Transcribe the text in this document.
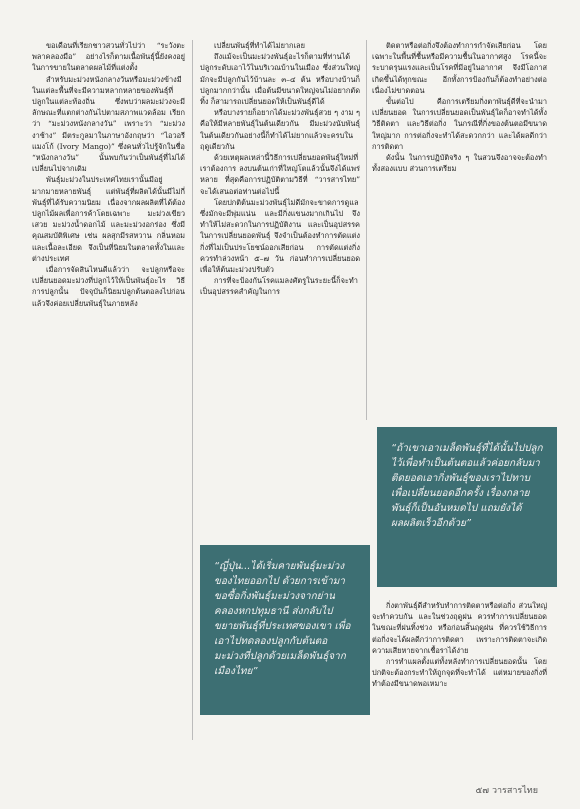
ขอเดือนที่เรียกชาวสวนทั่วไปว่า “ระวังตะพลาคลองมือ” อย่างไรก็ตามเนื้อพันธุ์นี้ยังคงอยู่ในการขายในตลาดผลไม้ที่แต่งตั้ง

สำหรับมะม่วงหนังกลางวันหรือมะม่วงข้างมี ในแต่ละพื้นที่จะมีความหลากหลายของพันธุ์ที่ปลูกในแต่ละท้องถิ่น ซึ่งพบว่าผลมะม่วงจะมีลักษณะที่แตกต่างกันไปตามสภาพแวดล้อม เรียกว่า “มะม่วงหนังกลางวัน” เพราะว่า “มะม่วงงาช้าง” มีตระกูลมาในภาษาอังกฤษว่า “ไอวอรี แมงโก้ (Ivory Mango)” ซึ่งคนทั่วไปรู้จักในชื่อ “หนังกลางวัน” นั้นพบกันว่าเป็นพันธุ์ที่ไม่ได้เปลี่ยนไปจากเดิม

พันธุ์มะม่วงในประเทศไทยเรานั้นมีอยู่มากมายหลายพันธุ์ แต่พันธุ์ที่ผลิตได้นั้นมีไม่กี่พันธุ์ที่ได้รับความนิยม เนื่องจากผลผลิตที่ได้ต้องปลูกไม้ผลเพื่อการค้าโดยเฉพาะ มะม่วงเขียวเสวย มะม่วงน้ำดอกไม้ และมะม่วงอกร่อง ซึ่งมีคุณสมบัติพิเศษ เช่น ผลสุกมีรสหวาน กลิ่นหอม และเนื้อละเอียด จึงเป็นที่นิยมในตลาดทั้งในและต่างประเทศ

เมื่อการจัดสินไหนดีแล้วว่า จะปลูกหรือจะเปลี่ยนยอดมะม่วงที่ปลูกไว้ให้เป็นพันธุ์อะไร วิธีการปลูกนั้น ปัจจุบันก็นิยมปลูกต้นตอลงไปก่อน แล้วจึงค่อยเปลี่ยนพันธุ์ในภายหลัง

เปลี่ยนพันธุ์ที่ทำได้ไม่ยากเลย

ถึงแม้จะเป็นมะม่วงพันธุ์อะไรก็ตามที่ท่านได้ปลูกระดับเอาไว้ในบริเวณบ้านในเมือง ซึ่งส่วนใหญ่มักจะมีปลูกกันไว้บ้านละ ๓–๔ ต้น หรือบางบ้านก็ปลูกมากกว่านั้น เมื่อต้นมีขนาดใหญ่จนไม่อยากตัดทิ้ง ก็สามารถเปลี่ยนยอดให้เป็นพันธุ์ดีได้

หรือบางรายก็อยากได้มะม่วงพันธุ์สวย ๆ งาม ๆ คือให้มีหลายพันธุ์ในต้นเดียวกัน มีมะม่วงนับพันธุ์ในต้นเดียวกันอย่างนี้ก็ทำได้ไม่ยากแล้วจะครบในฤดูเดียวกัน

ด้วยเหตุผลเหล่านี้วิธีการเปลี่ยนยอดพันธุ์ใหม่ที่เราต้องการ ลงบนต้นเก่าที่ใหญ่โตแล้วนั้นจึงได้แพร่หลาย ที่สุดคือการปฏิบัติตามวิธีที่ “วารสารไทย” จะได้เสนอต่อท่านต่อไปนี้

โดยปกติต้นมะม่วงพันธุ์ไม่ดีมักจะขาดการดูแล ซึ่งมักจะมีพุ่มแน่น และมีกิ่งแขนงมากเกินไป จึงทำให้ไม่สะดวกในการปฏิบัติงาน และเป็นอุปสรรคในการเปลี่ยนยอดพันธุ์ จึงจำเป็นต้องทำการตัดแต่งกิ่งที่ไม่เป็นประโยชน์ออกเสียก่อน การตัดแต่งกิ่งควรทำล่วงหน้า ๕–๗ วัน ก่อนทำการเปลี่ยนยอด เพื่อให้ต้นมะม่วงปรับตัว

การที่จะป้องกันโรคแมลงศัตรูในระยะนี้ก็จะทำเป็นอุปสรรคสำคัญในการ

“ญี่ปุ่น...ได้เริ่มคายพันธุ์มะม่วงของไทยออกไป ด้วยการเข้ามาขอซื้อกิ่งพันธุ์มะม่วงจากย่านคลองหกปทุมธานี ส่งกลับไปขยายพันธุ์ที่ประเทศของเขา เพื่อเอาไปทดลองปลูกกับต้นตอมะม่วงที่ปลูกด้วยเมล็ดพันธุ์จากเมืองไทย”

ติดตาหรือต่อกิ่งจึงต้องทำการกำจัดเสียก่อน โดยเฉพาะในพื้นที่ชื้นหรือมีความชื้นในอากาศสูง โรคนี้จะระบาดรุนแรงและเป็นโรคที่มีอยู่ในอากาศ จึงมีโอกาสเกิดขึ้นได้ทุกขณะ อีกทั้งการป้องกันก็ต้องทำอย่างต่อเนื่องไม่ขาดตอน

ขั้นต่อไป คือการเตรียมกิ่งตาพันธุ์ดีที่จะนำมาเปลี่ยนยอด ในการเปลี่ยนยอดเป็นพันธุ์ใดก็อาจทำได้ทั้งวิธีติดตา และวิธีต่อกิ่ง ในกรณีที่กิ่งของต้นตอมีขนาดใหญ่มาก การต่อกิ่งจะทำได้สะดวกกว่า และได้ผลดีกว่าการติดตา

ดังนั้น ในการปฏิบัติจริง ๆ ในสวนจึงอาจจะต้องทำทั้งสองแบบ ส่วนการเตรียม

“ถ้าเขาเอาเมล็ดพันธุ์ที่ได้นั้นไปปลูกไว้เพื่อทำเป็นต้นตอแล้วค่อยกลับมาติดยอดเอากิ่งพันธุ์ของเราไปทาบเพื่อเปลี่ยนยอดอีกครั้ง เรื่องกลายพันธุ์ก็เป็นอันหมดไป แถมยังได้ผลผลิตเร็วอีกด้วย”

กิ่งตาพันธุ์ดีสำหรับทำการติดตาหรือต่อกิ่ง ส่วนใหญ่จะทำควบกัน และในช่วงฤดูฝน ควรทำการเปลี่ยนยอดในขณะที่ฝนทิ้งช่วง หรือก่อนสิ้นฤดูฝน ที่ควรใช้วิธีการต่อกิ่งจะได้ผลดีกว่าการติดตา เพราะการติดตาจะเกิดความเสียหายจากเชื้อราได้ง่าย

การทำแผลตั้งแต่ทั้งหลังทำการเปลี่ยนยอดนั้น โดยปกติจะต้องกระทำให้ถูกจุดที่จะทำได้ แต่หมายของกิ่งที่ทำต้องมีขนาดพอเหมาะ

๕๗ วารสารไทย
